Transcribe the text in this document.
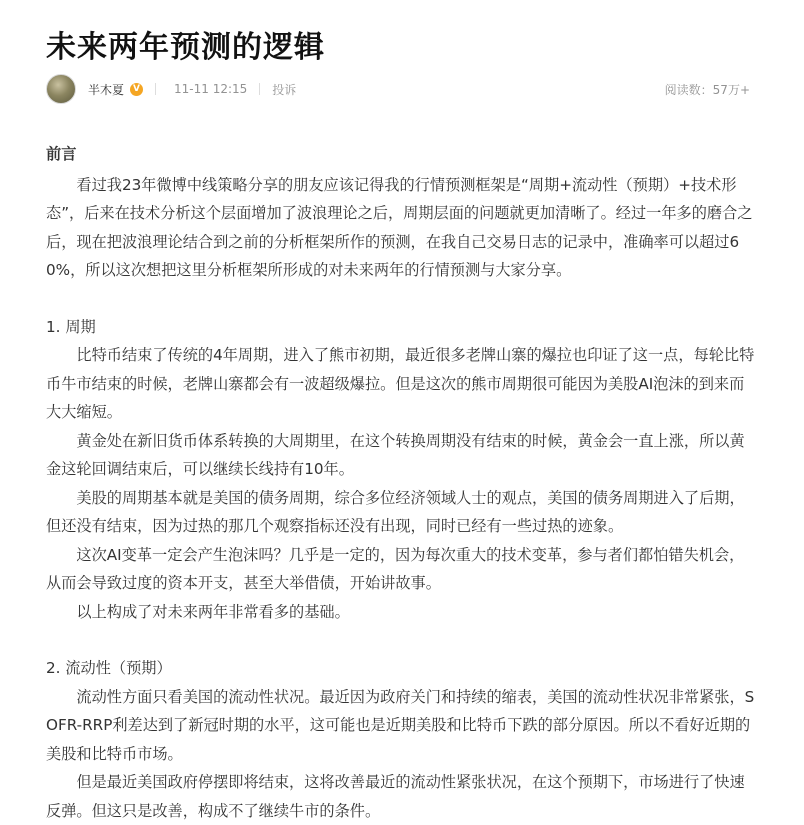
未来两年预测的逻辑
半木夏	V	11-11 12:15 投诉	阅读数：57万+

前言

看过我23年微博中线策略分享的朋友应该记得我的行情预测框架是“周期+流动性（预期）+技术形态”，后来在技术分析这个层面增加了波浪理论之后，周期层面的问题就更加清晰了。经过一年多的磨合之后，现在把波浪理论结合到之前的分析框架所作的预测，在我自己交易日志的记录中，准确率可以超过60%，所以这次想把这里分析框架所形成的对未来两年的行情预测与大家分享。

1. 周期

比特币结束了传统的4年周期，进入了熊市初期，最近很多老牌山寨的爆拉也印证了这一点，每轮比特币牛市结束的时候，老牌山寨都会有一波超级爆拉。但是这次的熊市周期很可能因为美股AI泡沫的到来而大大缩短。

黄金处在新旧货币体系转换的大周期里，在这个转换周期没有结束的时候，黄金会一直上涨，所以黄金这轮回调结束后，可以继续长线持有10年。

美股的周期基本就是美国的债务周期，综合多位经济领域人士的观点，美国的债务周期进入了后期，但还没有结束，因为过热的那几个观察指标还没有出现，同时已经有一些过热的迹象。

这次AI变革一定会产生泡沫吗？几乎是一定的，因为每次重大的技术变革，参与者们都怕错失机会，从而会导致过度的资本开支，甚至大举借债，开始讲故事。

以上构成了对未来两年非常看多的基础。

2. 流动性（预期）

流动性方面只看美国的流动性状况。最近因为政府关门和持续的缩表，美国的流动性状况非常紧张，SOFR-RRP利差达到了新冠时期的水平，这可能也是近期美股和比特币下跌的部分原因。所以不看好近期的美股和比特币市场。

但是最近美国政府停摆即将结束，这将改善最近的流动性紧张状况，在这个预期下，市场进行了快速反弹。但这只是改善，构成不了继续牛市的条件。
